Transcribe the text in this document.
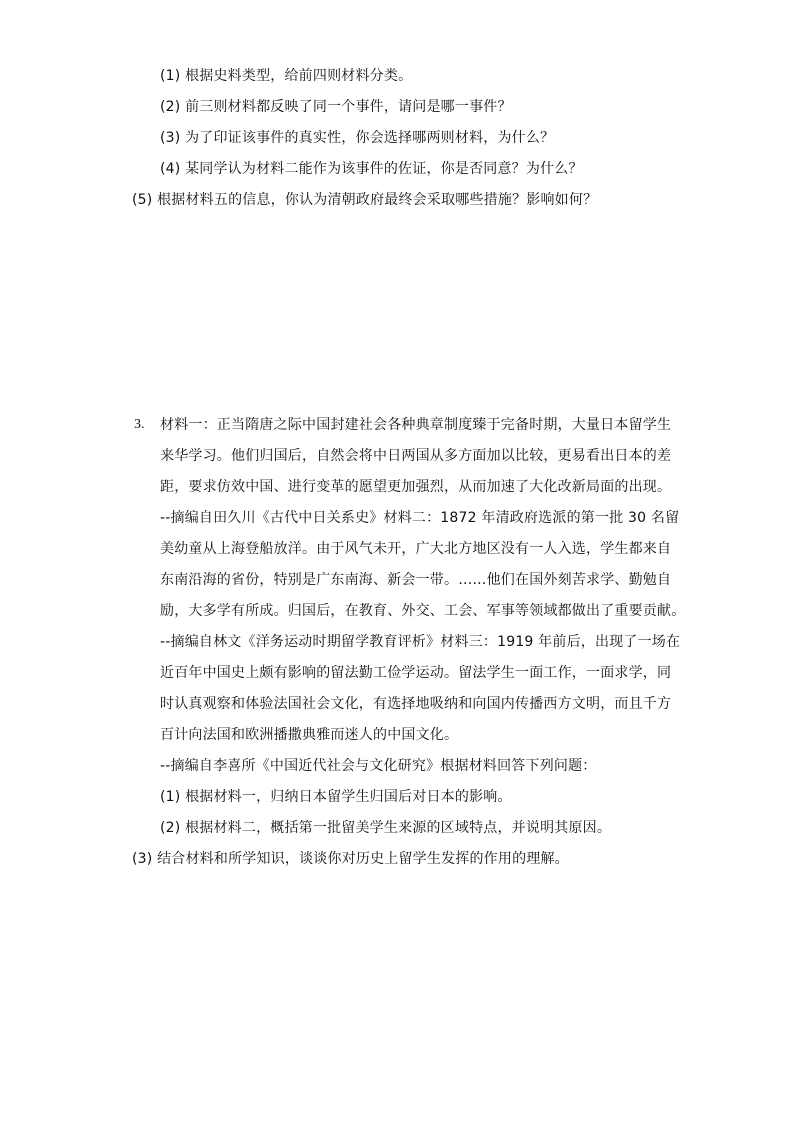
(1) 根据史料类型，给前四则材料分类。
(2) 前三则材料都反映了同一个事件，请问是哪一事件？
(3) 为了印证该事件的真实性，你会选择哪两则材料，为什么？
(4) 某同学认为材料二能作为该事件的佐证，你是否同意？为什么？
(5) 根据材料五的信息，你认为清朝政府最终会采取哪些措施？影响如何？
3. 材料一：正当隋唐之际中国封建社会各种典章制度臻于完备时期，大量日本留学生
来华学习。他们归国后，自然会将中日两国从多方面加以比较，更易看出日本的差
距，要求仿效中国、进行变革的愿望更加强烈，从而加速了大化改新局面的出现。
--摘编自田久川《古代中日关系史》材料二：1872 年清政府选派的第一批 30 名留
美幼童从上海登船放洋。由于风气未开，广大北方地区没有一人入选，学生都来自
东南沿海的省份，特别是广东南海、新会一带。……他们在国外刻苦求学、勤勉自
励，大多学有所成。归国后，在教育、外交、工会、军事等领域都做出了重要贡献。
--摘编自林文《洋务运动时期留学教育评析》材料三：1919 年前后，出现了一场在
近百年中国史上颇有影响的留法勤工俭学运动。留法学生一面工作，一面求学，同
时认真观察和体验法国社会文化，有选择地吸纳和向国内传播西方文明，而且千方
百计向法国和欧洲播撒典雅而迷人的中国文化。
--摘编自李喜所《中国近代社会与文化研究》根据材料回答下列问题：
(1) 根据材料一，归纳日本留学生归国后对日本的影响。
(2) 根据材料二，概括第一批留美学生来源的区域特点，并说明其原因。
(3) 结合材料和所学知识，谈谈你对历史上留学生发挥的作用的理解。
